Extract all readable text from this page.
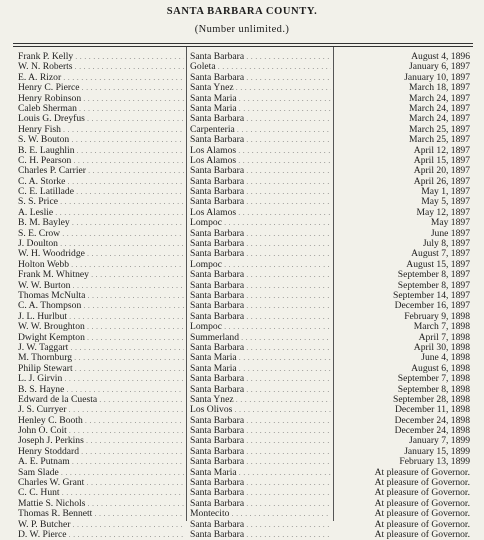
SANTA BARBARA COUNTY.
(Number unlimited.)
Frank P. Kelly . . .	Santa Barbara . . .	August 4, 1896
W. N. Roberts . . .	Goleta . . .	January 6, 1897
E. A. Rizor . . .	Santa Barbara . . .	January 10, 1897
Henry C. Pierce . . .	Santa Ynez . . .	March 18, 1897
Henry Robinson . . .	Santa Maria . . .	March 24, 1897
Caleb Sherman . . .	Santa Maria . . .	March 24, 1897
Louis G. Dreyfus . . .	Santa Barbara . . .	March 24, 1897
Henry Fish . . .	Carpenteria . . .	March 25, 1897
S. W. Bouton . . .	Santa Barbara . . .	March 25, 1897
B. E. Laughlin . . .	Los Alamos . . .	April 12, 1897
C. H. Pearson . . .	Los Alamos . . .	April 15, 1897
Charles P. Carrier . . .	Santa Barbara . . .	April 20, 1897
C. A. Storke . . .	Santa Barbara . . .	April 26, 1897
C. E. Latillade . . .	Santa Barbara . . .	May 1, 1897
S. S. Price . . .	Santa Barbara . . .	May 5, 1897
A. Leslie . . .	Los Alamos . . .	May 12, 1897
B. M. Bayley . . .	Lompoc . . .	May 1897
S. E. Crow . . .	Santa Barbara . . .	June 1897
J. Doulton . . .	Santa Barbara . . .	July 8, 1897
W. H. Woodridge . . .	Santa Barbara . . .	August 7, 1897
Holton Webb . . .	Lompoc . . .	August 15, 1897
Frank M. Whitney . . .	Santa Barbara . . .	September 8, 1897
W. W. Burton . . .	Santa Barbara . . .	September 8, 1897
Thomas McNulta . . .	Santa Barbara . . .	September 14, 1897
C. A. Thompson . . .	Santa Barbara . . .	December 16, 1897
J. L. Hurlbut . . .	Santa Barbara . . .	February 9, 1898
W. W. Broughton . . .	Lompoc . . .	March 7, 1898
Dwight Kempton . . .	Summerland . . .	April 7, 1898
J. W. Taggart . . .	Santa Barbara . . .	April 30, 1898
M. Thornburg . . .	Santa Maria . . .	June 4, 1898
Philip Stewart . . .	Santa Maria . . .	August 6, 1898
L. J. Girvin . . .	Santa Barbara . . .	September 7, 1898
B. S. Hayne . . .	Santa Barbara . . .	September 8, 1898
Edward de la Cuesta . . .	Santa Ynez . . .	September 28, 1898
J. S. Curryer . . .	Los Olivos . . .	December 11, 1898
Henley C. Booth . . .	Santa Barbara . . .	December 24, 1898
John O. Coit . . .	Santa Barbara . . .	December 24, 1898
Joseph J. Perkins . . .	Santa Barbara . . .	January 7, 1899
Henry Stoddard . . .	Santa Barbara . . .	January 15, 1899
A. E. Putnam . . .	Santa Barbara . . .	February 13, 1899
Sam Slade . . .	Santa Maria . . .	At pleasure of Governor.
Charles W. Grant . . .	Santa Barbara . . .	At pleasure of Governor.
C. C. Hunt . . .	Santa Barbara . . .	At pleasure of Governor.
Mattie S. Nichols . . .	Santa Barbara . . .	At pleasure of Governor.
Thomas R. Bennett . . .	Montecito . . .	At pleasure of Governor.
W. P. Butcher . . .	Santa Barbara . . .	At pleasure of Governor.
D. W. Pierce . . .	Santa Barbara . . .	At pleasure of Governor.
